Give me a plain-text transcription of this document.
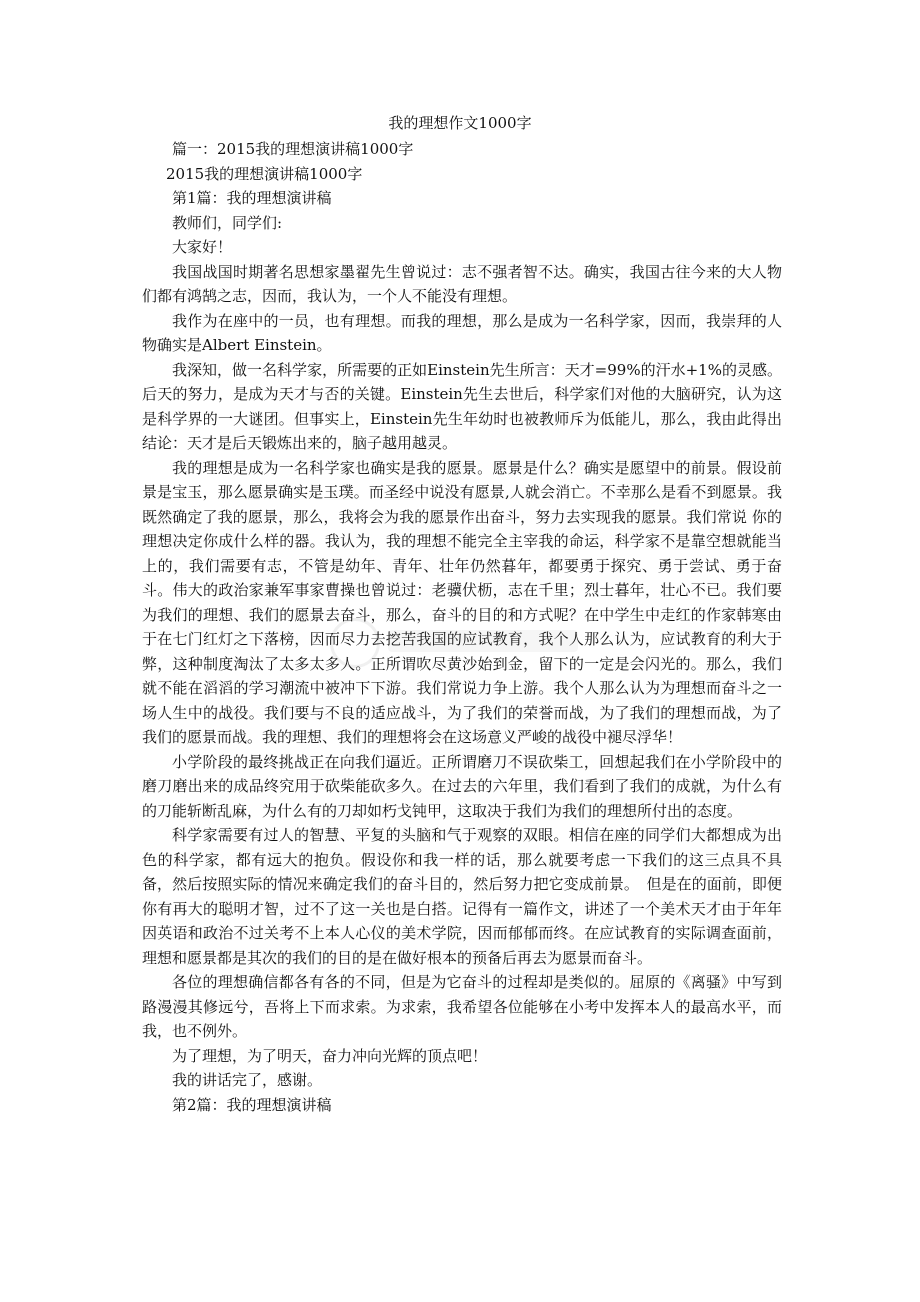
我的理想作文1000字
篇一：2015我的理想演讲稿1000字
2015我的理想演讲稿1000字
第1篇：我的理想演讲稿
教师们，同学们:
大家好！

我国战国时期著名思想家墨翟先生曾说过：志不强者智不达。确实，我国古往今来的大人物们都有鸿鹄之志，因而，我认为，一个人不能没有理想。

我作为在座中的一员，也有理想。而我的理想，那么是成为一名科学家，因而，我崇拜的人物确实是Albert Einstein。

我深知，做一名科学家，所需要的正如Einstein先生所言：天才=99%的汗水+1%的灵感。后天的努力，是成为天才与否的关键。Einstein先生去世后，科学家们对他的大脑研究，认为这是科学界的一大谜团。但事实上，Einstein先生年幼时也被教师斥为低能儿，那么，我由此得出结论：天才是后天锻炼出来的，脑子越用越灵。

我的理想是成为一名科学家也确实是我的愿景。愿景是什么？确实是愿望中的前景。假设前景是宝玉，那么愿景确实是玉璞。而圣经中说没有愿景,人就会消亡。不幸那么是看不到愿景。我既然确定了我的愿景，那么，我将会为我的愿景作出奋斗，努力去实现我的愿景。我们常说 你的理想决定你成什么样的器。我认为，我的理想不能完全主宰我的命运，科学家不是靠空想就能当上的，我们需要有志，不管是幼年、青年、壮年仍然暮年，都要勇于探究、勇于尝试、勇于奋斗。伟大的政治家兼军事家曹操也曾说过：老骥伏枥，志在千里；烈士暮年，壮心不已。我们要为我们的理想、我们的愿景去奋斗，那么，奋斗的目的和方式呢？在中学生中走红的作家韩寒由于在七门红灯之下落榜，因而尽力去挖苦我国的应试教育，我个人那么认为，应试教育的利大于弊，这种制度淘汰了太多太多人。正所谓吹尽黄沙始到金，留下的一定是会闪光的。那么，我们就不能在滔滔的学习潮流中被冲下下游。我们常说力争上游。我个人那么认为为理想而奋斗之一场人生中的战役。我们要与不良的适应战斗，为了我们的荣誉而战，为了我们的理想而战，为了我们的愿景而战。我的理想、我们的理想将会在这场意义严峻的战役中褪尽浮华！

小学阶段的最终挑战正在向我们逼近。正所谓磨刀不误砍柴工，回想起我们在小学阶段中的磨刀磨出来的成品终究用于砍柴能砍多久。在过去的六年里，我们看到了我们的成就，为什么有的刀能斩断乱麻，为什么有的刀却如朽戈钝甲，这取决于我们为我们的理想所付出的态度。

科学家需要有过人的智慧、平复的头脑和气于观察的双眼。相信在座的同学们大都想成为出色的科学家，都有远大的抱负。假设你和我一样的话，那么就要考虑一下我们的这三点具不具备，然后按照实际的情况来确定我们的奋斗目的，然后努力把它变成前景。　但是在的面前，即便你有再大的聪明才智，过不了这一关也是白搭。记得有一篇作文，讲述了一个美术天才由于年年因英语和政治不过关考不上本人心仪的美术学院，因而郁郁而终。在应试教育的实际调查面前，理想和愿景都是其次的我们的目的是在做好根本的预备后再去为愿景而奋斗。

各位的理想确信都各有各的不同，但是为它奋斗的过程却是类似的。屈原的《离骚》中写到 路漫漫其修远兮，吾将上下而求索。为求索，我希望各位能够在小考中发挥本人的最高水平，而我，也不例外。

为了理想，为了明天，奋力冲向光辉的顶点吧！

我的讲话完了，感谢。

第2篇：我的理想演讲稿
